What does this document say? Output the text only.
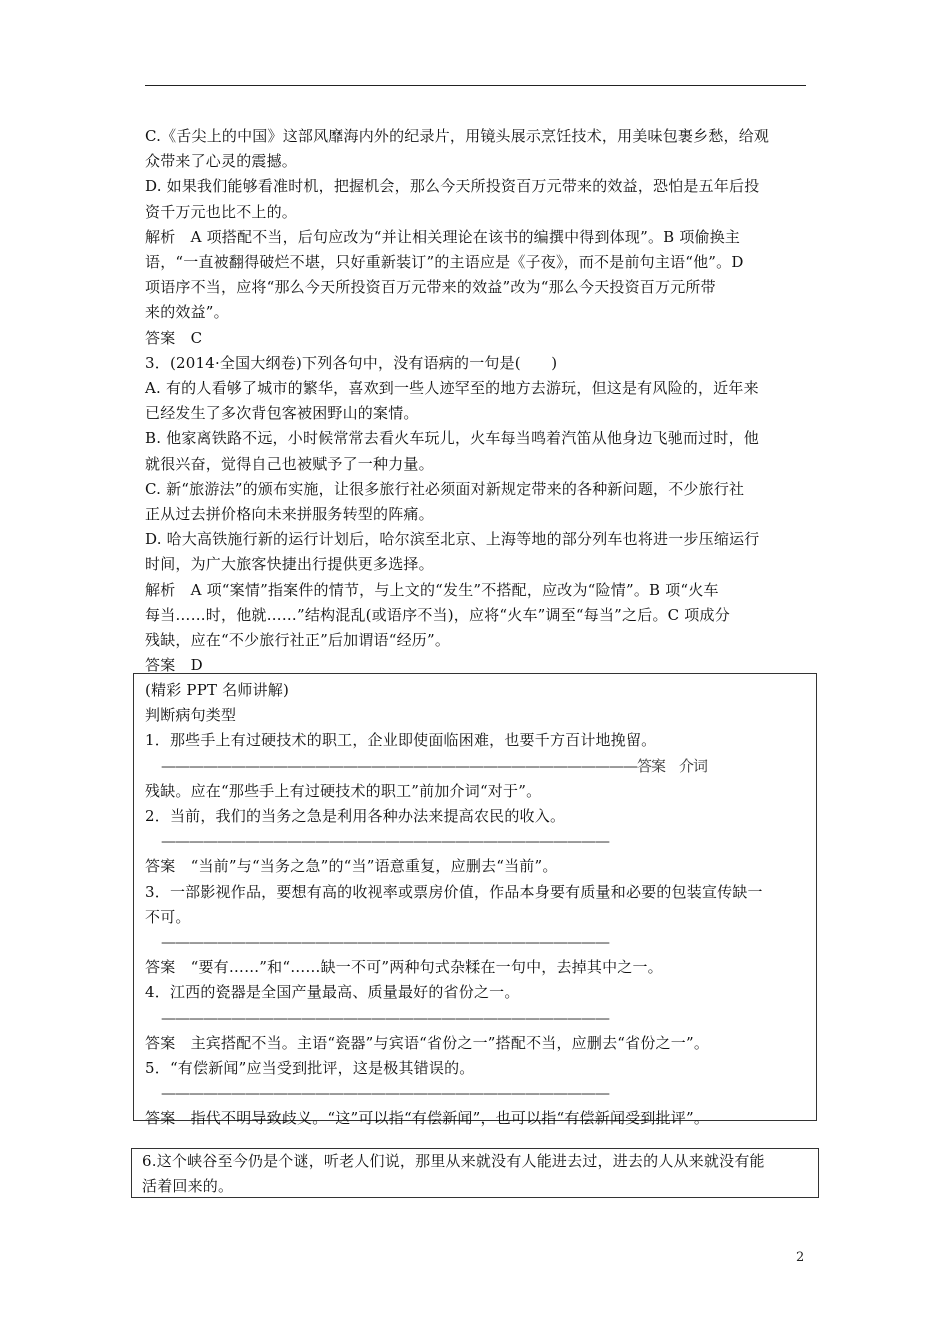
C.《舌尖上的中国》这部风靡海内外的纪录片，用镜头展示烹饪技术，用美味包裹乡愁，给观
众带来了心灵的震撼。
D. 如果我们能够看准时机，把握机会，那么今天所投资百万元带来的效益，恐怕是五年后投
资千万元也比不上的。
解析　A 项搭配不当，后句应改为“并让相关理论在该书的编撰中得到体现”。B 项偷换主
语，“一直被翻得破烂不堪，只好重新装订”的主语应是《子夜》，而不是前句主语“他”。D
项语序不当，应将“那么今天所投资百万元带来的效益”改为“那么今天投资百万元所带
来的效益”。
答案　C
3．(2014·全国大纲卷)下列各句中，没有语病的一句是(　　)
A. 有的人看够了城市的繁华，喜欢到一些人迹罕至的地方去游玩，但这是有风险的，近年来
已经发生了多次背包客被困野山的案情。
B. 他家离铁路不远，小时候常常去看火车玩儿，火车每当鸣着汽笛从他身边飞驰而过时，他
就很兴奋，觉得自己也被赋予了一种力量。
C. 新“旅游法”的颁布实施，让很多旅行社必须面对新规定带来的各种新问题，不少旅行社
正从过去拼价格向未来拼服务转型的阵痛。
D. 哈大高铁施行新的运行计划后，哈尔滨至北京、上海等地的部分列车也将进一步压缩运行
时间，为广大旅客快捷出行提供更多选择。
解析　A 项“案情”指案件的情节，与上文的“发生”不搭配，应改为“险情”。B 项“火车
每当……时，他就……”结构混乱(或语序不当)，应将“火车”调至“每当”之后。C 项成分
残缺，应在“不少旅行社正”后加谓语“经历”。
答案　D
(精彩 PPT 名师讲解)
判断病句类型
1．那些手上有过硬技术的职工，企业即使面临困难，也要千方百计地挽留。
——————————————————————————————————答案　介词
残缺。应在“那些手上有过硬技术的职工”前加介词“对于”。
2．当前，我们的当务之急是利用各种办法来提高农民的收入。
————————————————————————————————
答案　“当前”与“当务之急”的“当”语意重复，应删去“当前”。
3．一部影视作品，要想有高的收视率或票房价值，作品本身要有质量和必要的包装宣传缺一
不可。
————————————————————————————————
答案　“要有……”和“……缺一不可”两种句式杂糅在一句中，去掉其中之一。
4．江西的瓷器是全国产量最高、质量最好的省份之一。
————————————————————————————————
答案　主宾搭配不当。主语“瓷器”与宾语“省份之一”搭配不当，应删去“省份之一”。
5．“有偿新闻”应当受到批评，这是极其错误的。
————————————————————————————————
答案　指代不明导致歧义。“这”可以指“有偿新闻”，也可以指“有偿新闻受到批评”。
6.这个峡谷至今仍是个谜，听老人们说，那里从来就没有人能进去过，进去的人从来就没有能
活着回来的。
2
